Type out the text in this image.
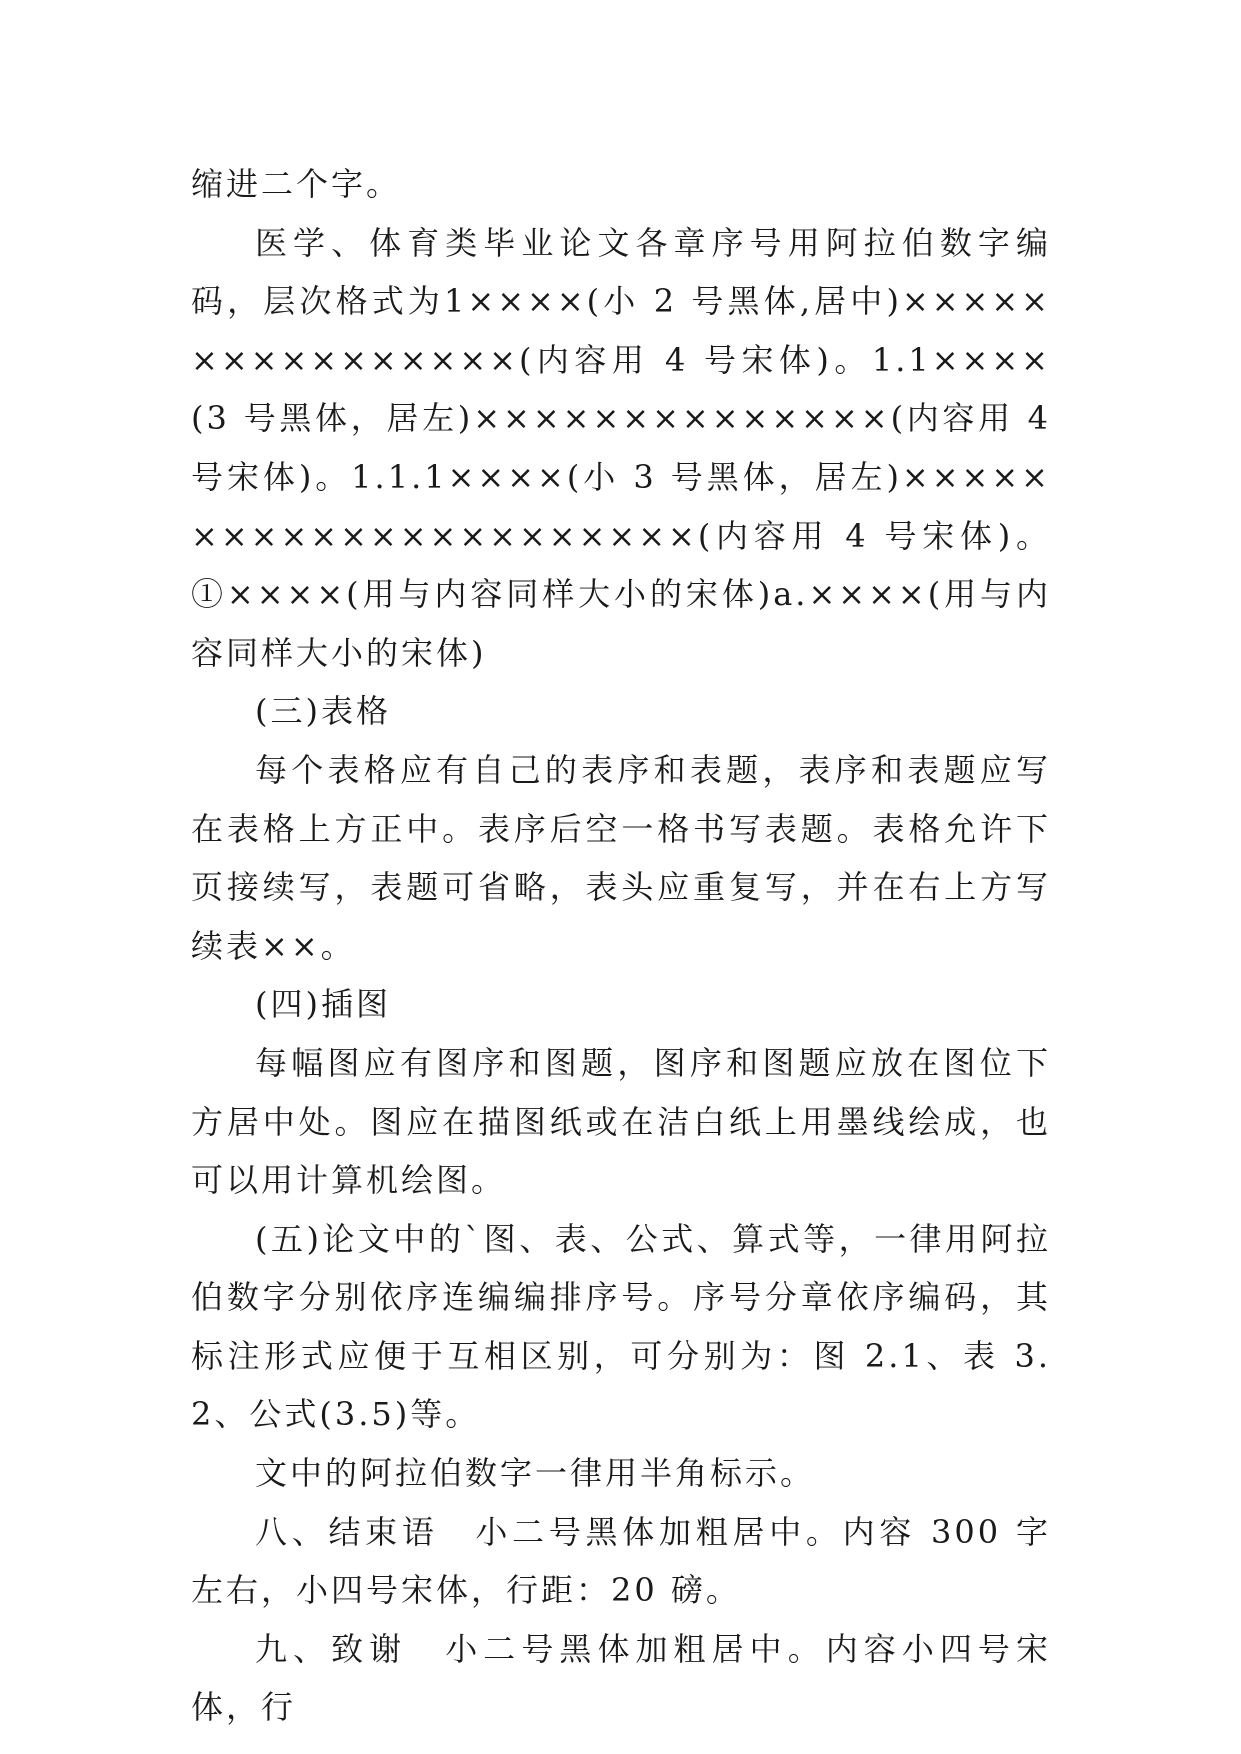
缩进二个字。

医学、体育类毕业论文各章序号用阿拉伯数字编码，层次格式为1××××(小 2 号黑体,居中)××××××××××××××××(内容用 4 号宋体)。1.1××××(3 号黑体，居左)××××××××××××××(内容用 4 号宋体)。1.1.1××××(小 3 号黑体，居左)××××××××××××××××××××××(内容用 4 号宋体)。①××××(用与内容同样大小的宋体)a.××××(用与内容同样大小的宋体)

(三)表格

每个表格应有自己的表序和表题，表序和表题应写在表格上方正中。表序后空一格书写表题。表格允许下页接续写，表题可省略，表头应重复写，并在右上方写续表××。

(四)插图

每幅图应有图序和图题，图序和图题应放在图位下方居中处。图应在描图纸或在洁白纸上用墨线绘成，也可以用计算机绘图。

(五)论文中的`图、表、公式、算式等，一律用阿拉伯数字分别依序连编编排序号。序号分章依序编码，其标注形式应便于互相区别，可分别为：图 2.1、表 3.2、公式(3.5)等。

文中的阿拉伯数字一律用半角标示。

八、结束语　小二号黑体加粗居中。内容 300 字左右，小四号宋体，行距：20 磅。

九、致谢　小二号黑体加粗居中。内容小四号宋体，行
